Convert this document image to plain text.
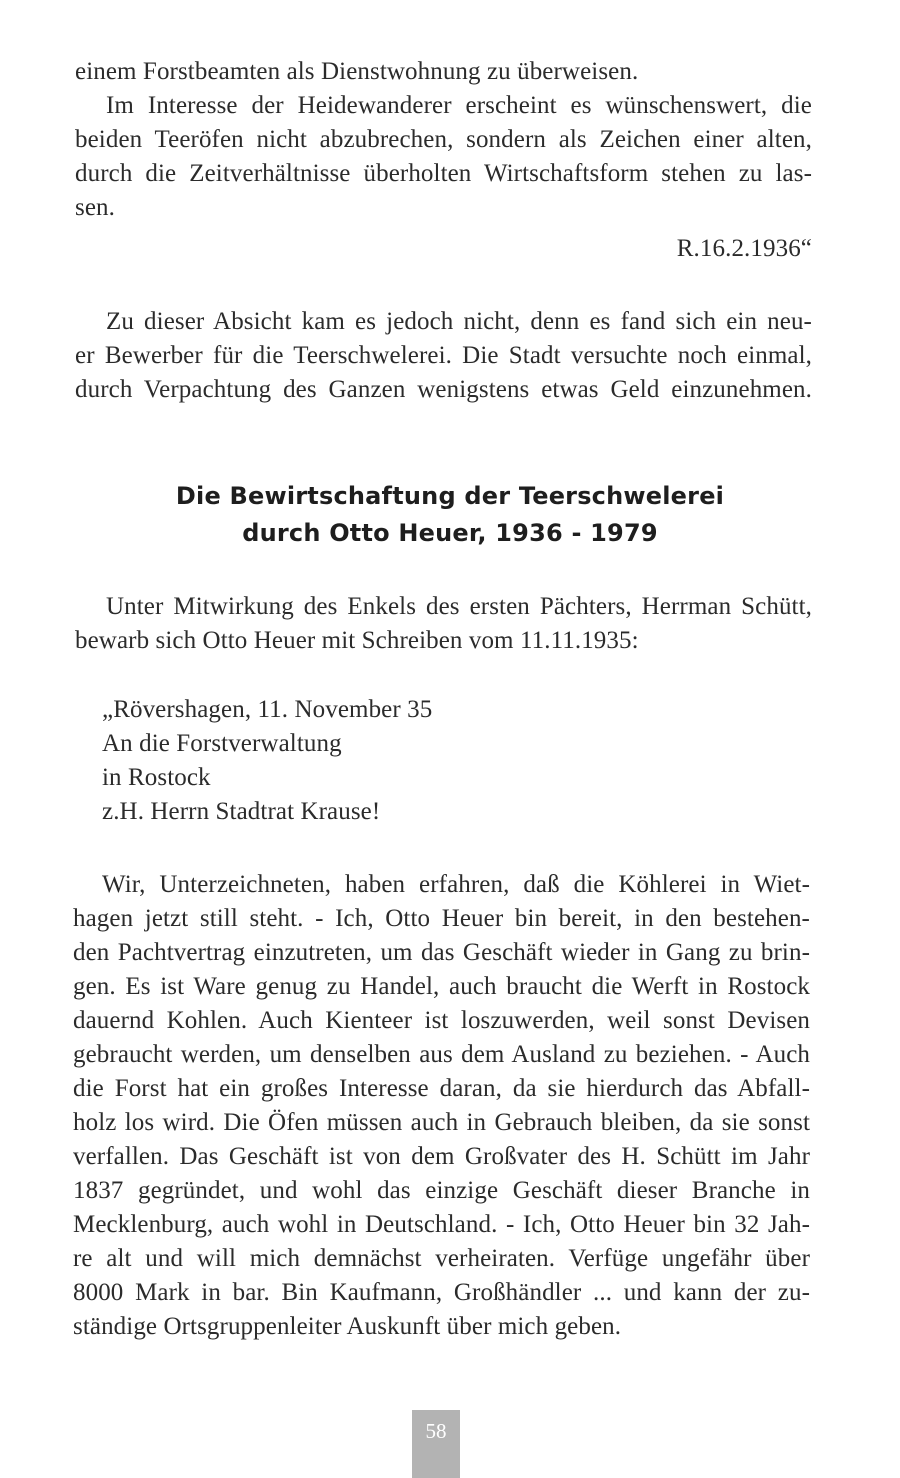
einem Forstbeamten als Dienstwohnung zu überweisen.
Im Interesse der Heidewanderer erscheint es wünschenswert, die
beiden Teeröfen nicht abzubrechen, sondern als Zeichen einer alten,
durch die Zeitverhältnisse überholten Wirtschaftsform stehen zu las-
sen.
R.16.2.1936“
Zu dieser Absicht kam es jedoch nicht, denn es fand sich ein neu-
er Bewerber für die Teerschwelerei. Die Stadt versuchte noch einmal,
durch Verpachtung des Ganzen wenigstens etwas Geld einzunehmen.
Die Bewirtschaftung der Teerschwelerei
durch Otto Heuer, 1936 - 1979
Unter Mitwirkung des Enkels des ersten Pächters, Herrman Schütt,
bewarb sich Otto Heuer mit Schreiben vom 11.11.1935:
„Rövershagen, 11. November 35
An die Forstverwaltung
in Rostock
z.H. Herrn Stadtrat Krause!
Wir, Unterzeichneten, haben erfahren, daß die Köhlerei in Wiet-
hagen jetzt still steht. - Ich, Otto Heuer bin bereit, in den bestehen-
den Pachtvertrag einzutreten, um das Geschäft wieder in Gang zu brin-
gen. Es ist Ware genug zu Handel, auch braucht die Werft in Rostock
dauernd Kohlen. Auch Kienteer ist loszuwerden, weil sonst Devisen
gebraucht werden, um denselben aus dem Ausland zu beziehen. - Auch
die Forst hat ein großes Interesse daran, da sie hierdurch das Abfall-
holz los wird. Die Öfen müssen auch in Gebrauch bleiben, da sie sonst
verfallen. Das Geschäft ist von dem Großvater des H. Schütt im Jahr
1837 gegründet, und wohl das einzige Geschäft dieser Branche in
Mecklenburg, auch wohl in Deutschland. - Ich, Otto Heuer bin 32 Jah-
re alt und will mich demnächst verheiraten. Verfüge ungefähr über
8000 Mark in bar. Bin Kaufmann, Großhändler ... und kann der zu-
ständige Ortsgruppenleiter Auskunft über mich geben.
58
